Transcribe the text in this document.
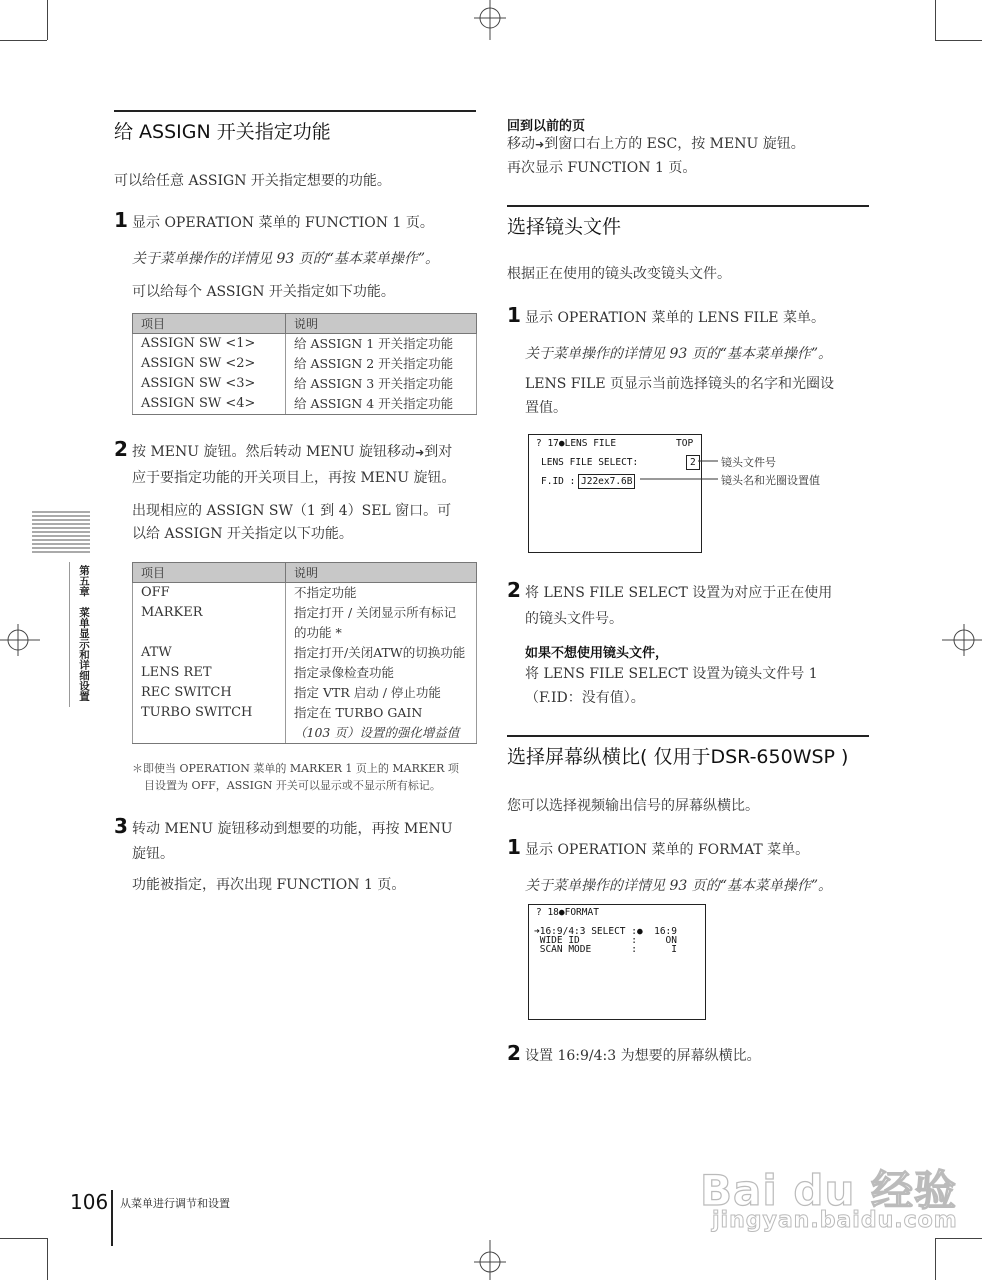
第五章　菜单显示和详细设置
给 ASSIGN 开关指定功能
可以给任意 ASSIGN 开关指定想要的功能。
1 显示 OPERATION 菜单的 FUNCTION 1 页。
关于菜单操作的详情见 93 页的“基本菜单操作”。
可以给每个 ASSIGN 开关指定如下功能。
项目	说明
ASSIGN SW <1>	给 ASSIGN 1 开关指定功能
ASSIGN SW <2>	给 ASSIGN 2 开关指定功能
ASSIGN SW <3>	给 ASSIGN 3 开关指定功能
ASSIGN SW <4>	给 ASSIGN 4 开关指定功能
2 按 MENU 旋钮。然后转动 MENU 旋钮移动➜到对
应于要指定功能的开关项目上，再按 MENU 旋钮。
出现相应的 ASSIGN SW（1 到 4）SEL 窗口。可
以给 ASSIGN 开关指定以下功能。
项目	说明
OFF	不指定功能
MARKER	指定打开 / 关闭显示所有标记
的功能 *

ATW	指定打开/关闭ATW的切换功能
LENS RET	指定录像检查功能
REC SWITCH	指定 VTR 启动 / 停止功能
TURBO SWITCH	指定在 TURBO GAIN
（103 页）设置的强化增益值
＊即使当 OPERATION 菜单的 MARKER 1 页上的 MARKER 项
目设置为 OFF，ASSIGN 开关可以显示或不显示所有标记。
3 转动 MENU 旋钮移动到想要的功能，再按 MENU
旋钮。
功能被指定，再次出现 FUNCTION 1 页。
回到以前的页
移动➜到窗口右上方的 ESC，按 MENU 旋钮。
再次显示 FUNCTION 1 页。
选择镜头文件
根据正在使用的镜头改变镜头文件。
1 显示 OPERATION 菜单的 LENS FILE 菜单。
关于菜单操作的详情见 93 页的“基本菜单操作”。
LENS FILE 页显示当前选择镜头的名字和光圈设
置值。
? 17●LENS FILE	TOP
LENS FILE SELECT:	2
F.ID : J22ex7.6B
镜头文件号
镜头名和光圈设置值
2 将 LENS FILE SELECT 设置为对应于正在使用
的镜头文件号。
如果不想使用镜头文件，
将 LENS FILE SELECT 设置为镜头文件号 1
（F.ID：没有值）。
选择屏幕纵横比( 仅用于DSR-650WSP )
您可以选择视频输出信号的屏幕纵横比。
1 显示 OPERATION 菜单的 FORMAT 菜单。
关于菜单操作的详情见 93 页的“基本菜单操作”。
? 18●FORMAT
➜16:9/4:3 SELECT :●  16:9
WIDE ID         :     ON
SCAN MODE       :      I
2 设置 16:9/4:3 为想要的屏幕纵横比。
Bai du 经验
jingyan.baidu.com
106 从菜单进行调节和设置
